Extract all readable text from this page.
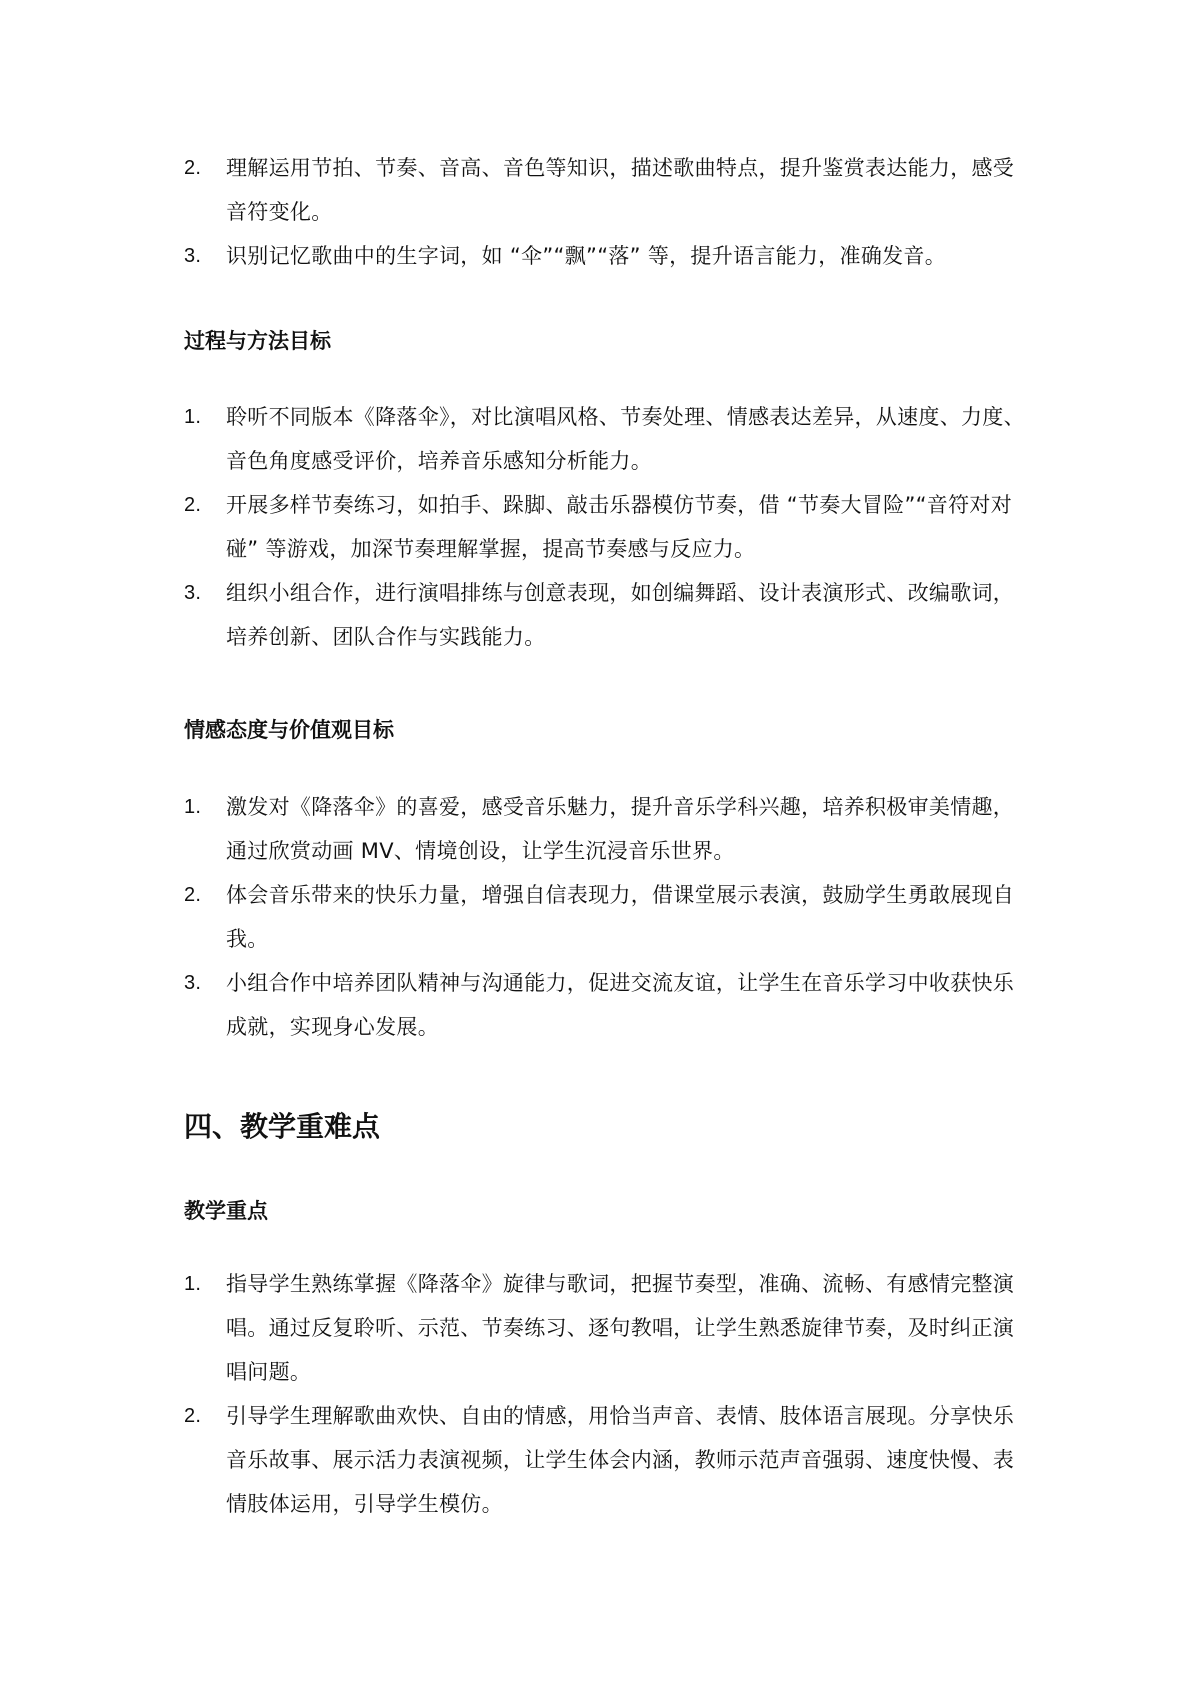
2. 理解运用节拍、节奏、音高、音色等知识，描述歌曲特点，提升鉴赏表达能力，感受音符变化。
3. 识别记忆歌曲中的生字词，如 “伞”“飘”“落” 等，提升语言能力，准确发音。
过程与方法目标
1. 聆听不同版本《降落伞》，对比演唱风格、节奏处理、情感表达差异，从速度、力度、音色角度感受评价，培养音乐感知分析能力。
2. 开展多样节奏练习，如拍手、跺脚、敲击乐器模仿节奏，借 “节奏大冒险”“音符对对碰” 等游戏，加深节奏理解掌握，提高节奏感与反应力。
3. 组织小组合作，进行演唱排练与创意表现，如创编舞蹈、设计表演形式、改编歌词，培养创新、团队合作与实践能力。
情感态度与价值观目标
1. 激发对《降落伞》的喜爱，感受音乐魅力，提升音乐学科兴趣，培养积极审美情趣，通过欣赏动画 MV、情境创设，让学生沉浸音乐世界。
2. 体会音乐带来的快乐力量，增强自信表现力，借课堂展示表演，鼓励学生勇敢展现自我。
3. 小组合作中培养团队精神与沟通能力，促进交流友谊，让学生在音乐学习中收获快乐成就，实现身心发展。
四、教学重难点
教学重点
1. 指导学生熟练掌握《降落伞》旋律与歌词，把握节奏型，准确、流畅、有感情完整演唱。通过反复聆听、示范、节奏练习、逐句教唱，让学生熟悉旋律节奏，及时纠正演唱问题。
2. 引导学生理解歌曲欢快、自由的情感，用恰当声音、表情、肢体语言展现。分享快乐音乐故事、展示活力表演视频，让学生体会内涵，教师示范声音强弱、速度快慢、表情肢体运用，引导学生模仿。
